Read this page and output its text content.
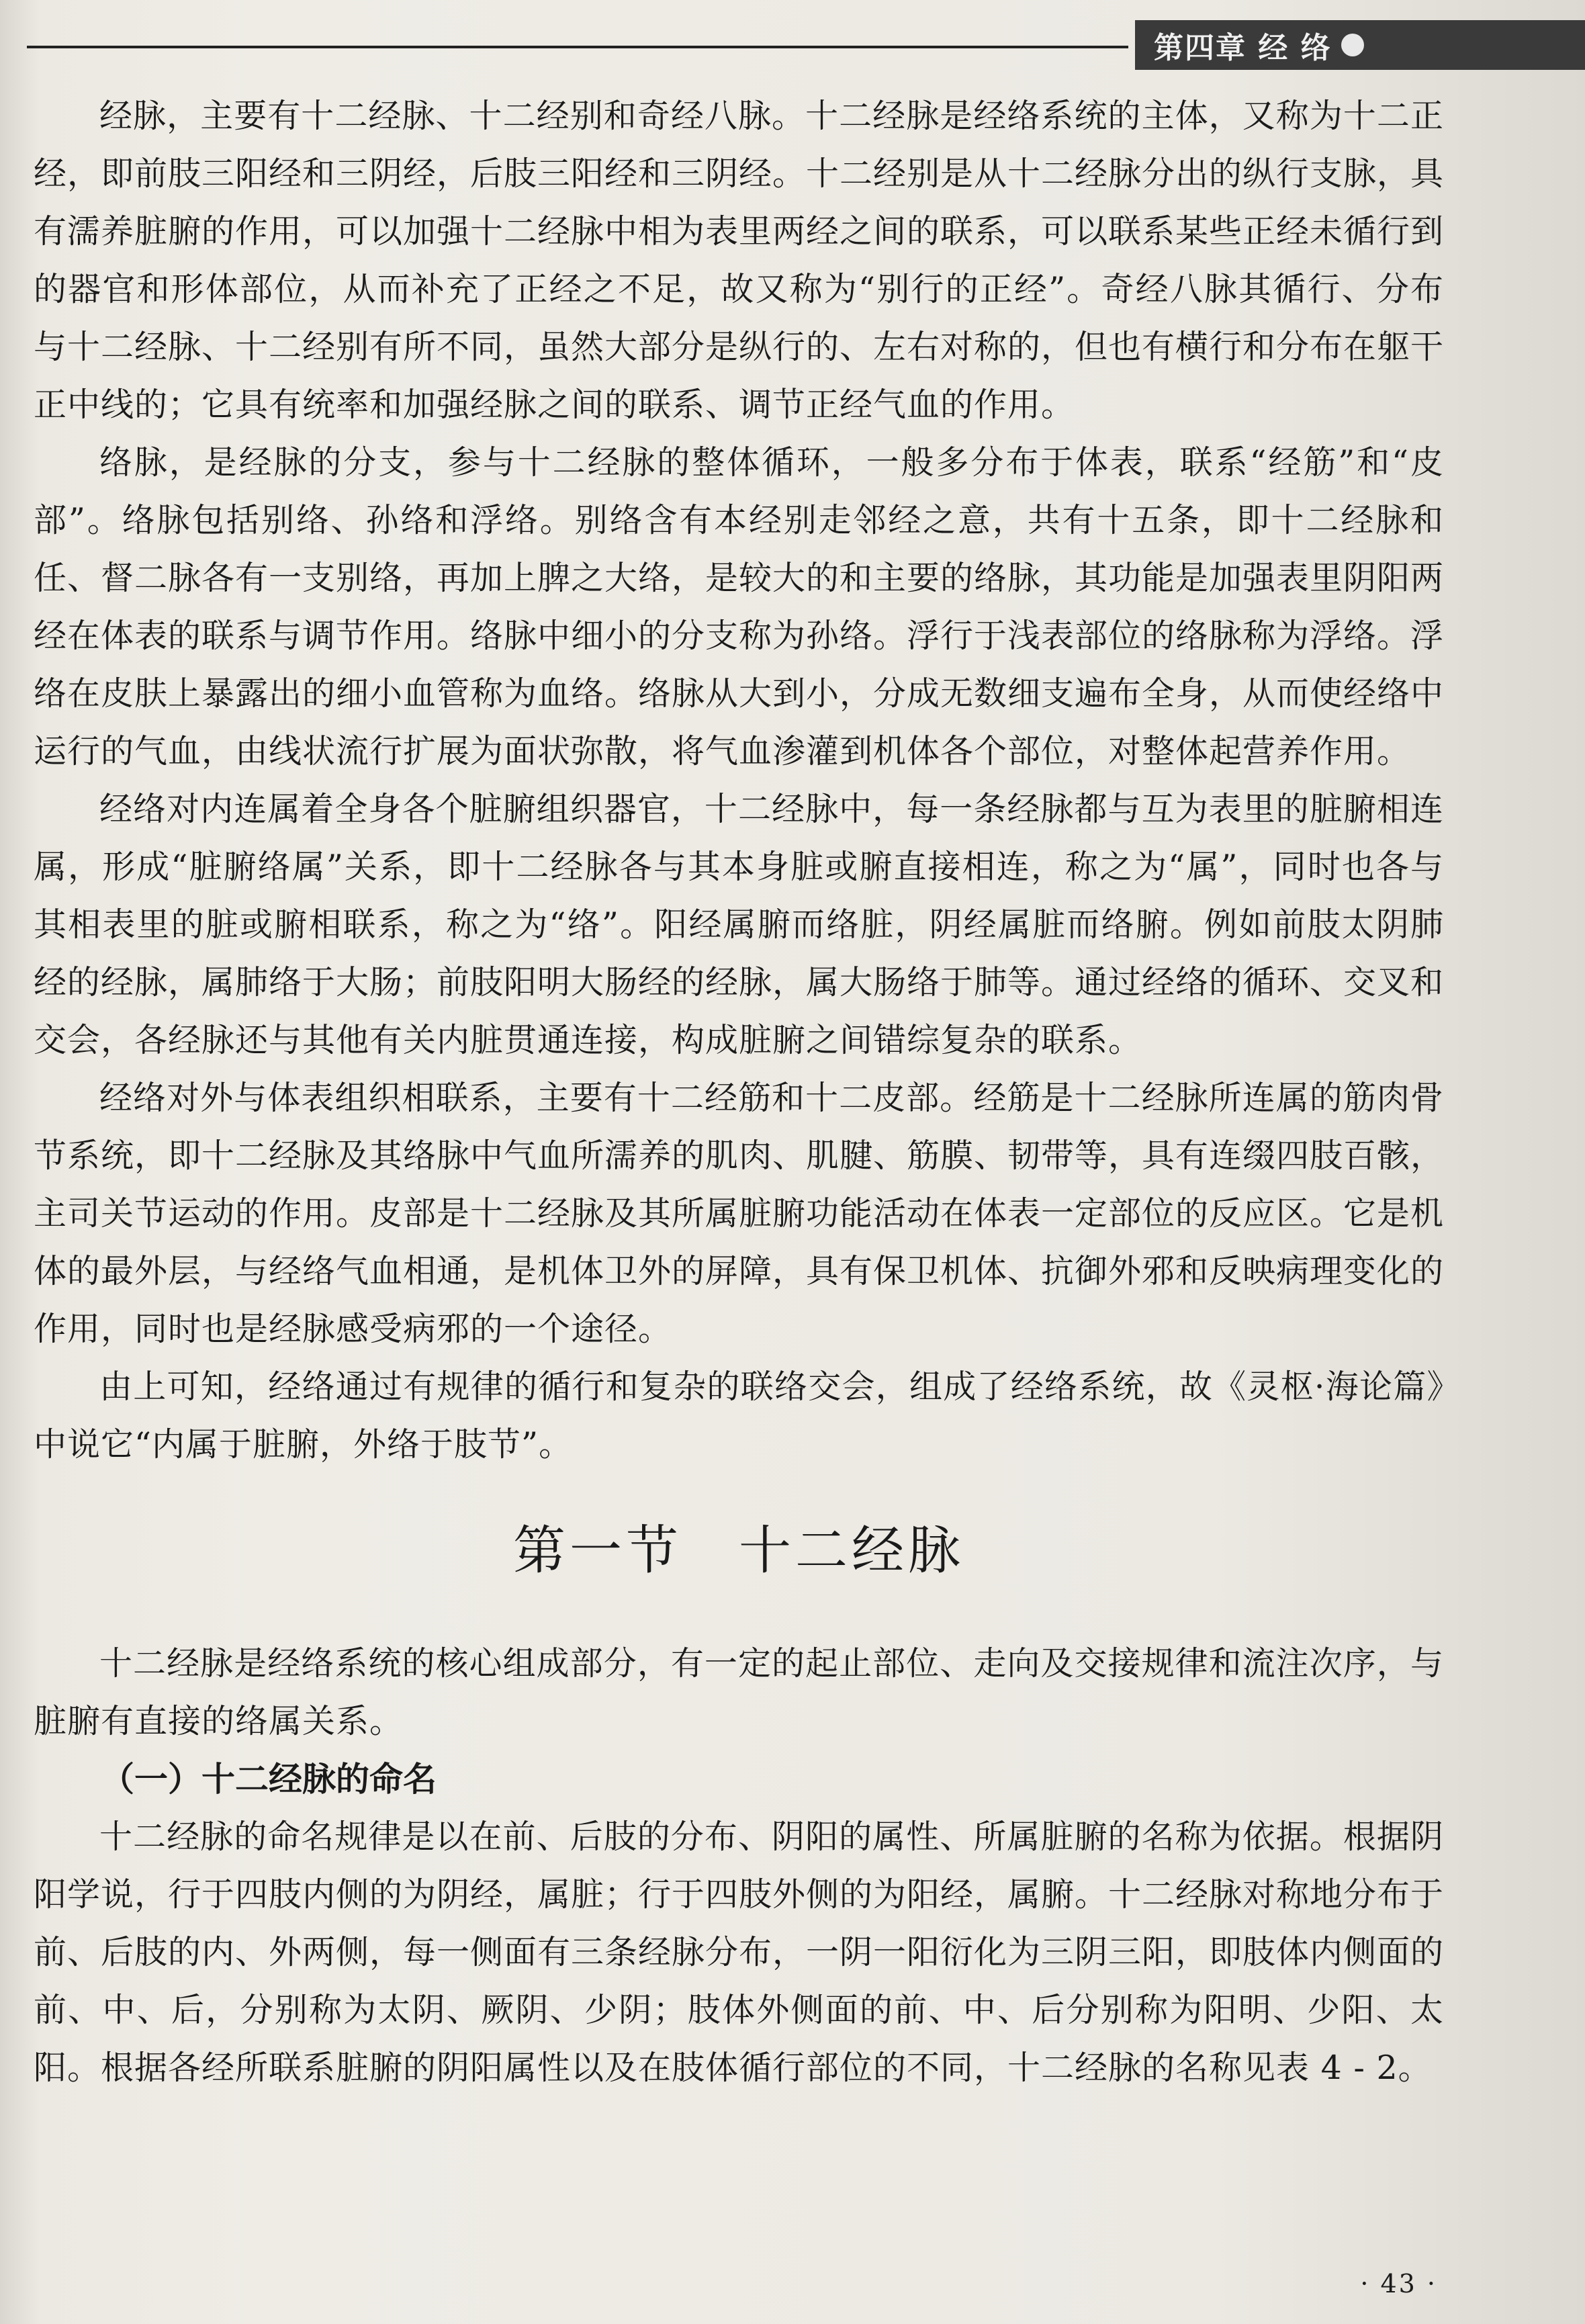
第四章 经 络

经脉，主要有十二经脉、十二经别和奇经八脉。十二经脉是经络系统的主体，又称为十二正经，即前肢三阳经和三阴经，后肢三阳经和三阴经。十二经别是从十二经脉分出的纵行支脉，具有濡养脏腑的作用，可以加强十二经脉中相为表里两经之间的联系，可以联系某些正经未循行到的器官和形体部位，从而补充了正经之不足，故又称为“别行的正经”。奇经八脉其循行、分布与十二经脉、十二经别有所不同，虽然大部分是纵行的、左右对称的，但也有横行和分布在躯干正中线的；它具有统率和加强经脉之间的联系、调节正经气血的作用。

络脉，是经脉的分支，参与十二经脉的整体循环，一般多分布于体表，联系“经筋”和“皮部”。络脉包括别络、孙络和浮络。别络含有本经别走邻经之意，共有十五条，即十二经脉和任、督二脉各有一支别络，再加上脾之大络，是较大的和主要的络脉，其功能是加强表里阴阳两经在体表的联系与调节作用。络脉中细小的分支称为孙络。浮行于浅表部位的络脉称为浮络。浮络在皮肤上暴露出的细小血管称为血络。络脉从大到小，分成无数细支遍布全身，从而使经络中运行的气血，由线状流行扩展为面状弥散，将气血渗灌到机体各个部位，对整体起营养作用。

经络对内连属着全身各个脏腑组织器官，十二经脉中，每一条经脉都与互为表里的脏腑相连属，形成“脏腑络属”关系，即十二经脉各与其本身脏或腑直接相连，称之为“属”，同时也各与其相表里的脏或腑相联系，称之为“络”。阳经属腑而络脏，阴经属脏而络腑。例如前肢太阴肺经的经脉，属肺络于大肠；前肢阳明大肠经的经脉，属大肠络于肺等。通过经络的循环、交叉和交会，各经脉还与其他有关内脏贯通连接，构成脏腑之间错综复杂的联系。

经络对外与体表组织相联系，主要有十二经筋和十二皮部。经筋是十二经脉所连属的筋肉骨节系统，即十二经脉及其络脉中气血所濡养的肌肉、肌腱、筋膜、韧带等，具有连缀四肢百骸，主司关节运动的作用。皮部是十二经脉及其所属脏腑功能活动在体表一定部位的反应区。它是机体的最外层，与经络气血相通，是机体卫外的屏障，具有保卫机体、抗御外邪和反映病理变化的作用，同时也是经脉感受病邪的一个途径。

由上可知，经络通过有规律的循行和复杂的联络交会，组成了经络系统，故《灵枢·海论篇》中说它“内属于脏腑，外络于肢节”。

第一节　十二经脉

十二经脉是经络系统的核心组成部分，有一定的起止部位、走向及交接规律和流注次序，与脏腑有直接的络属关系。

（一）十二经脉的命名

十二经脉的命名规律是以在前、后肢的分布、阴阳的属性、所属脏腑的名称为依据。根据阴阳学说，行于四肢内侧的为阴经，属脏；行于四肢外侧的为阳经，属腑。十二经脉对称地分布于前、后肢的内、外两侧，每一侧面有三条经脉分布，一阴一阳衍化为三阴三阳，即肢体内侧面的前、中、后，分别称为太阴、厥阴、少阴；肢体外侧面的前、中、后分别称为阳明、少阳、太阳。根据各经所联系脏腑的阴阳属性以及在肢体循行部位的不同，十二经脉的名称见表 4 - 2。

· 43 ·
